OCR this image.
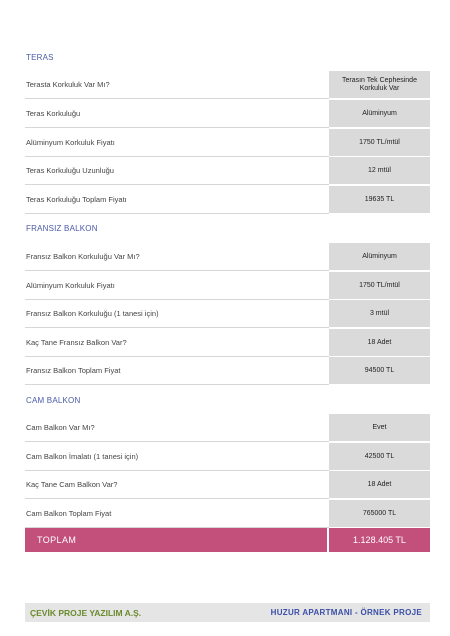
TERAS
Terasta Korkuluk Var Mı?	Terasın Tek Cephesinde Korkuluk Var
Teras Korkuluğu	Alüminyum
Alüminyum Korkuluk Fiyatı	1750 TL/mtül
Teras Korkuluğu Uzunluğu	12 mtül
Teras Korkuluğu Toplam Fiyatı	19635 TL
FRANSIZ BALKON
Fransız Balkon Korkuluğu Var Mı?	Alüminyum
Alüminyum Korkuluk Fiyatı	1750 TL/mtül
Fransız Balkon Korkuluğu (1 tanesi için)	3 mtül
Kaç Tane Fransız Balkon Var?	18 Adet
Fransız Balkon Toplam Fiyat	94500 TL
CAM BALKON
Cam Balkon Var Mı?	Evet
Cam Balkon İmalatı (1 tanesi için)	42500 TL
Kaç Tane Cam Balkon Var?	18 Adet
Cam Balkon Toplam Fiyat	765000 TL
TOPLAM	1.128.405 TL
ÇEVİK PROJE YAZILIM A.Ş.	HUZUR APARTMANI - ÖRNEK PROJE
